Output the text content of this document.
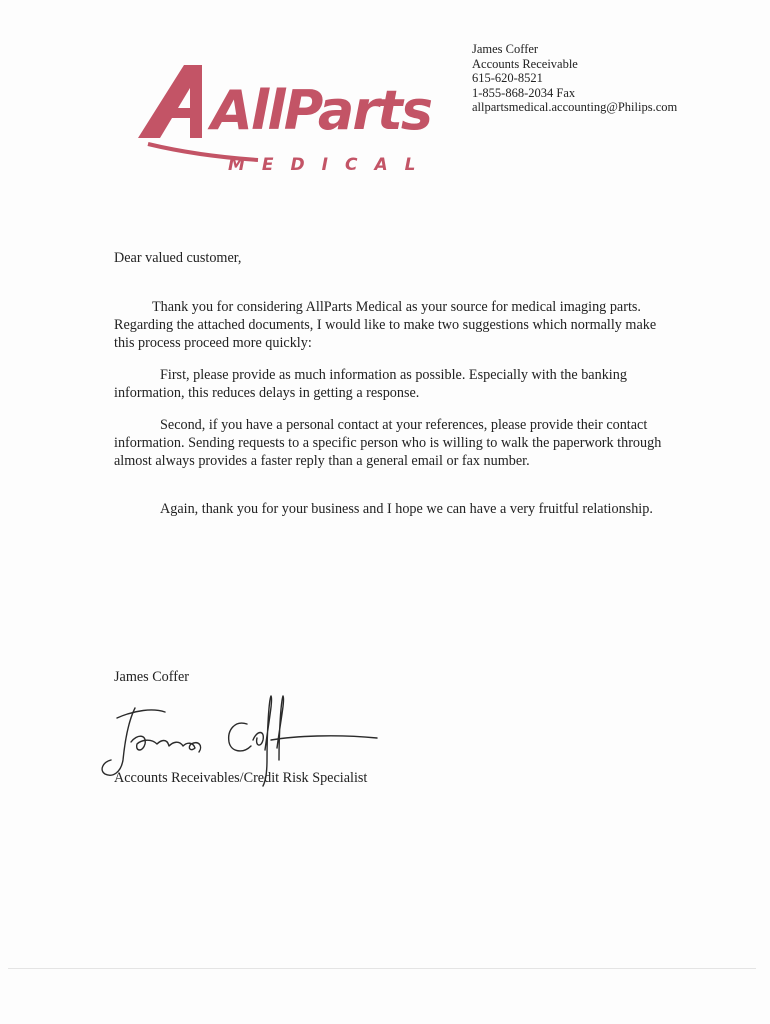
AllParts
MEDICAL
James Coffer
Accounts Receivable
615-620-8521
1-855-868-2034 Fax
allpartsmedical.accounting@Philips.com
Dear valued customer,
Thank you for considering AllParts Medical as your source for medical imaging parts. Regarding the attached documents, I would like to make two suggestions which normally make this process proceed more quickly:
First, please provide as much information as possible. Especially with the banking information, this reduces delays in getting a response.
Second, if you have a personal contact at your references, please provide their contact information. Sending requests to a specific person who is willing to walk the paperwork through almost always provides a faster reply than a general email or fax number.
Again, thank you for your business and I hope we can have a very fruitful relationship.
James Coffer
Accounts Receivables/Credit Risk Specialist
